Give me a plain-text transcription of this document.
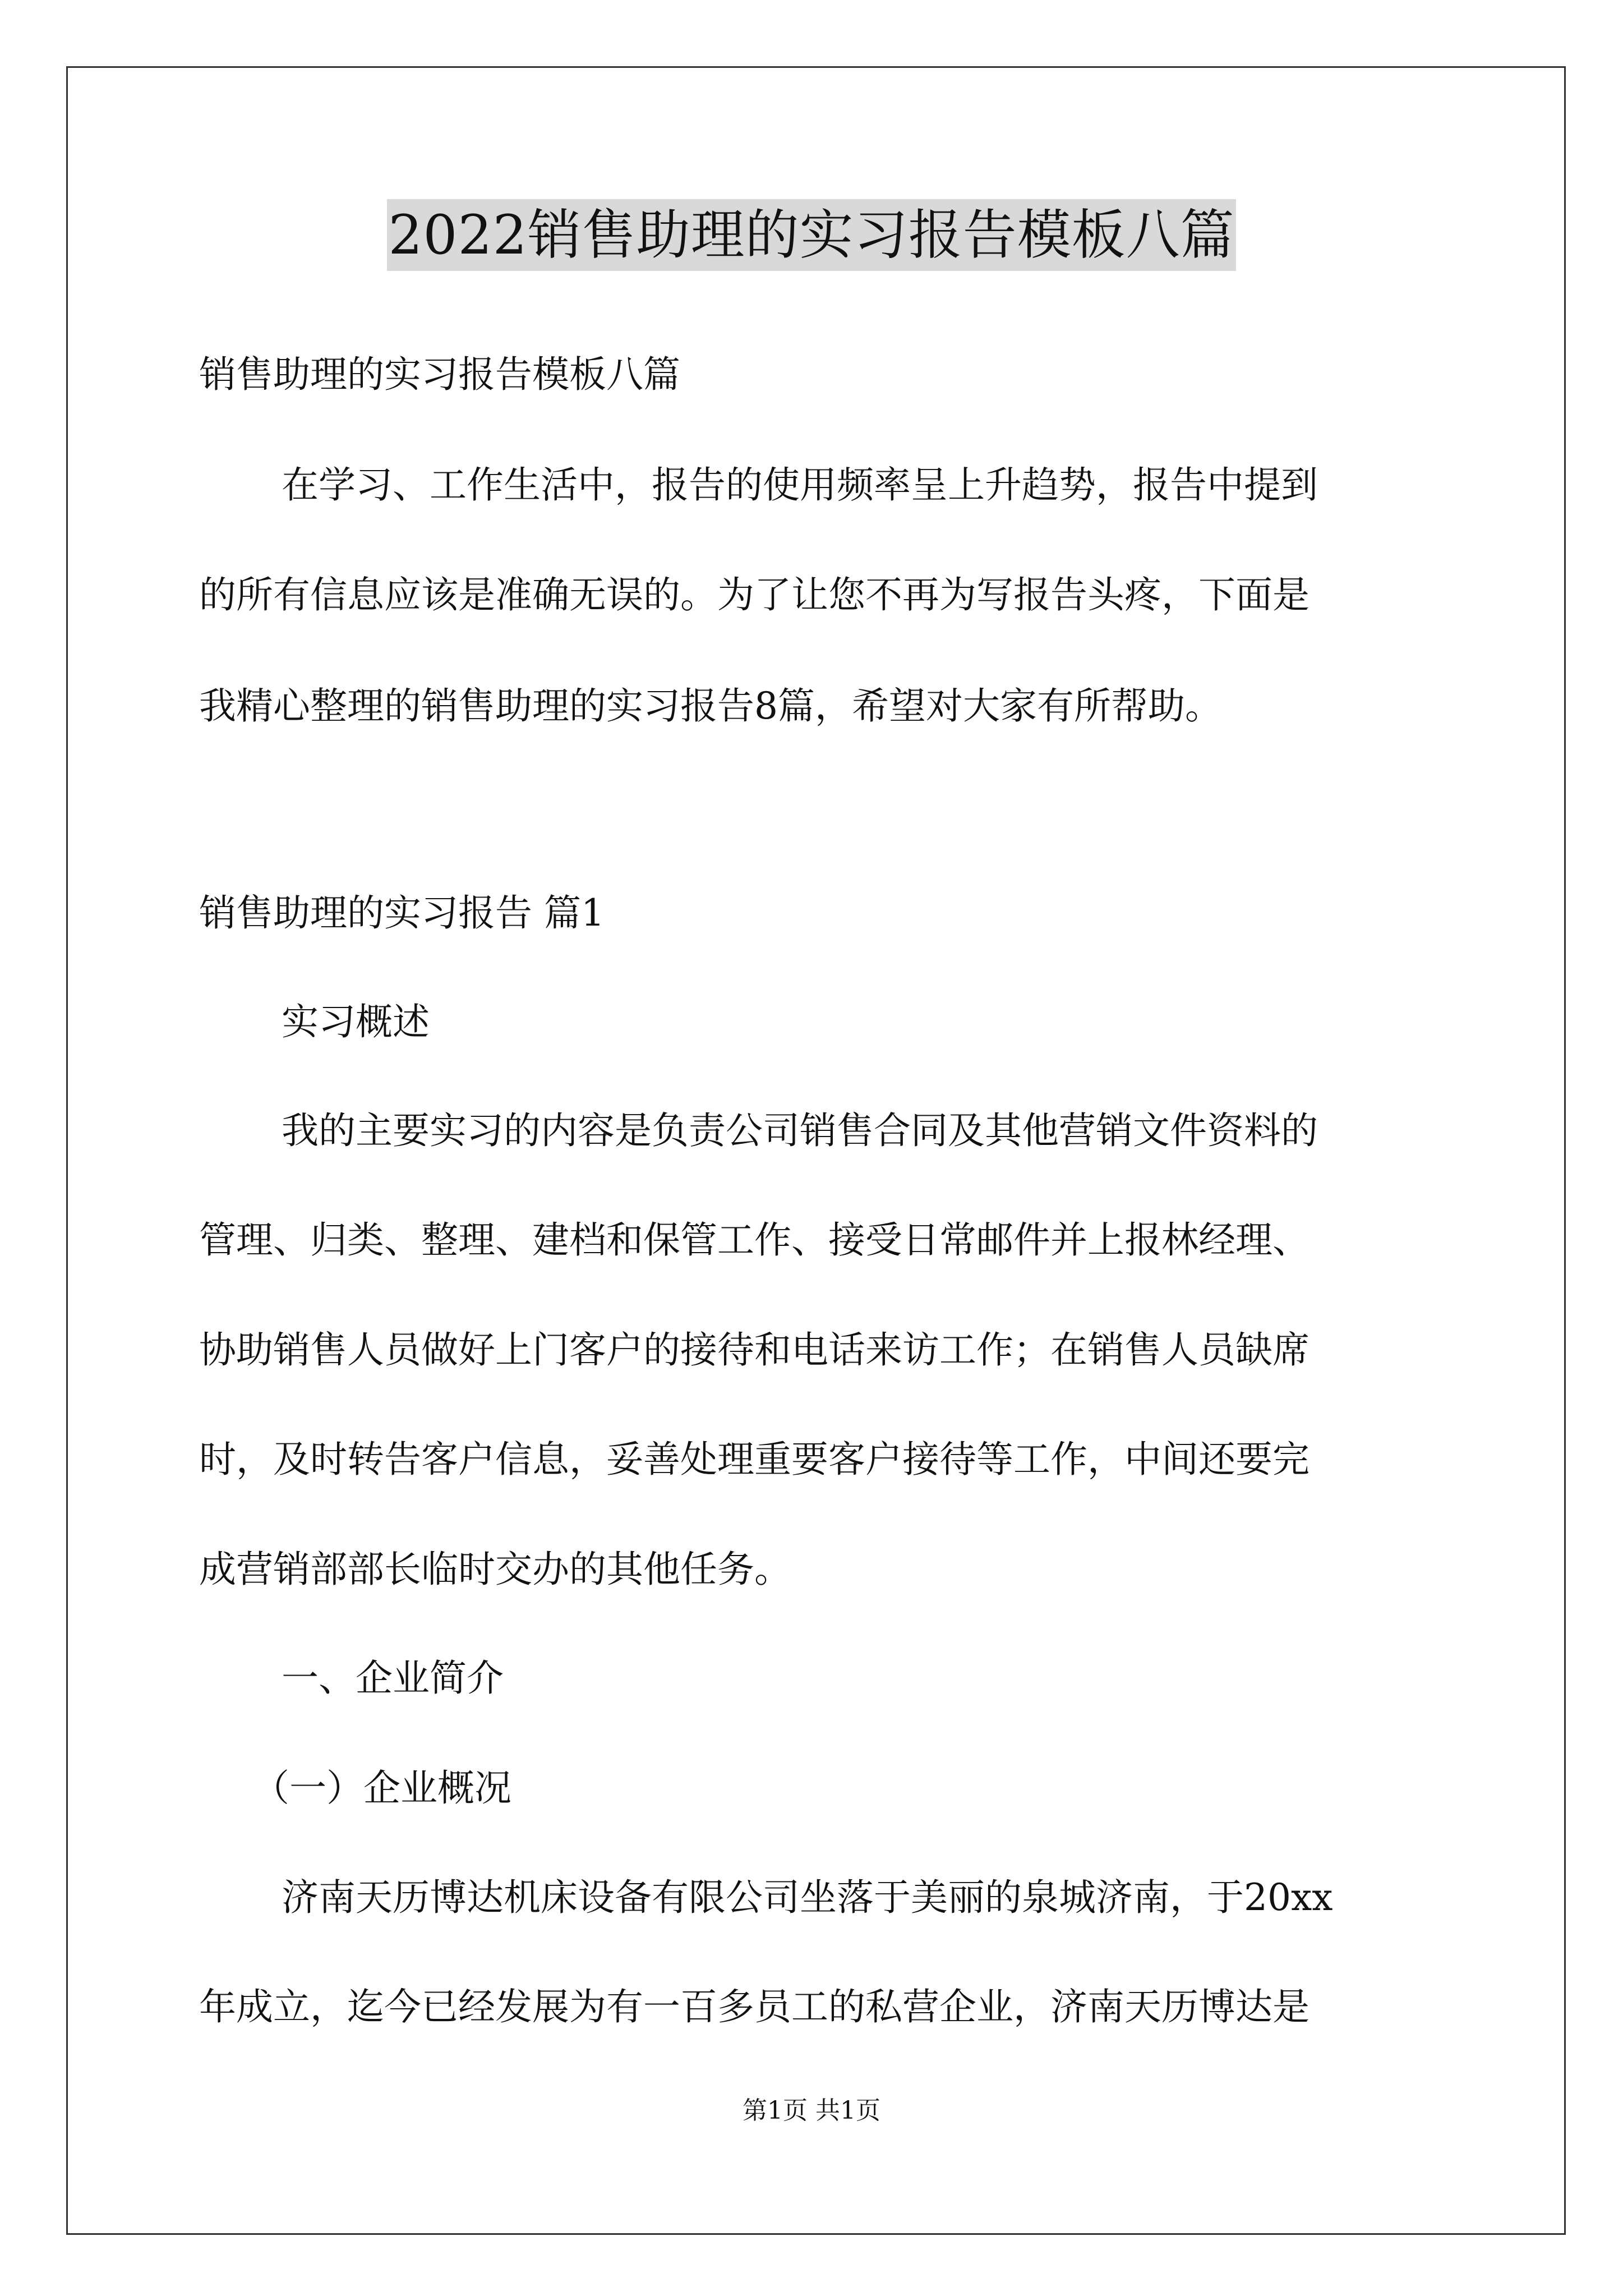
2022销售助理的实习报告模板八篇
销售助理的实习报告模板八篇
在学习、工作生活中，报告的使用频率呈上升趋势，报告中提到
的所有信息应该是准确无误的。为了让您不再为写报告头疼，下面是
我精心整理的销售助理的实习报告8篇，希望对大家有所帮助。
销售助理的实习报告 篇1
实习概述
我的主要实习的内容是负责公司销售合同及其他营销文件资料的
管理、归类、整理、建档和保管工作、接受日常邮件并上报林经理、
协助销售人员做好上门客户的接待和电话来访工作；在销售人员缺席
时，及时转告客户信息，妥善处理重要客户接待等工作，中间还要完
成营销部部长临时交办的其他任务。
一、企业简介
（一）企业概况
济南天历博达机床设备有限公司坐落于美丽的泉城济南，于20xx
年成立，迄今已经发展为有一百多员工的私营企业，济南天历博达是
第1页 共1页
